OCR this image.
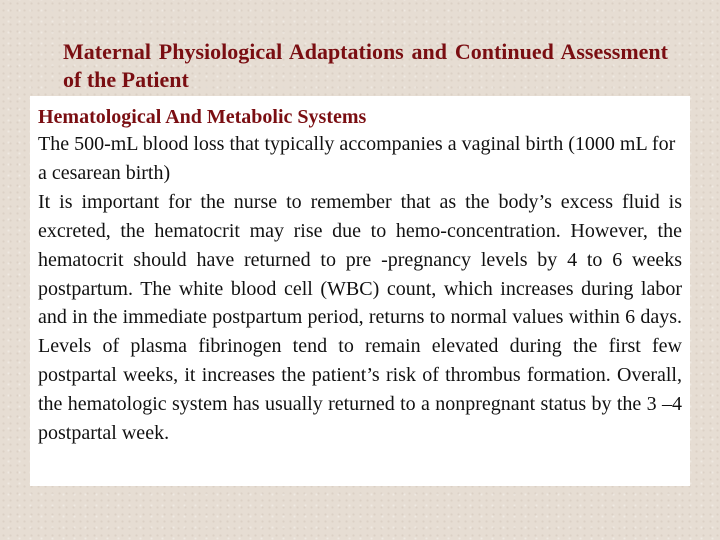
Maternal Physiological Adaptations and Continued Assessment of the Patient
Hematological And Metabolic Systems

The 500-mL blood loss that typically accompanies a vaginal birth (1000 mL for a cesarean birth)

It is important for the nurse to remember that as the body’s excess fluid is excreted, the hematocrit may rise due to hemo-concentration. However, the hematocrit should have returned to pre -pregnancy levels by 4 to 6 weeks postpartum. The white blood cell (WBC) count, which increases during labor and in the immediate postpartum period, returns to normal values within 6 days. Levels of plasma fibrinogen tend to remain elevated during the first few postpartal weeks, it increases the patient’s risk of thrombus formation. Overall, the hematologic system has usually returned to a nonpregnant status by the 3 –4 postpartal week.
